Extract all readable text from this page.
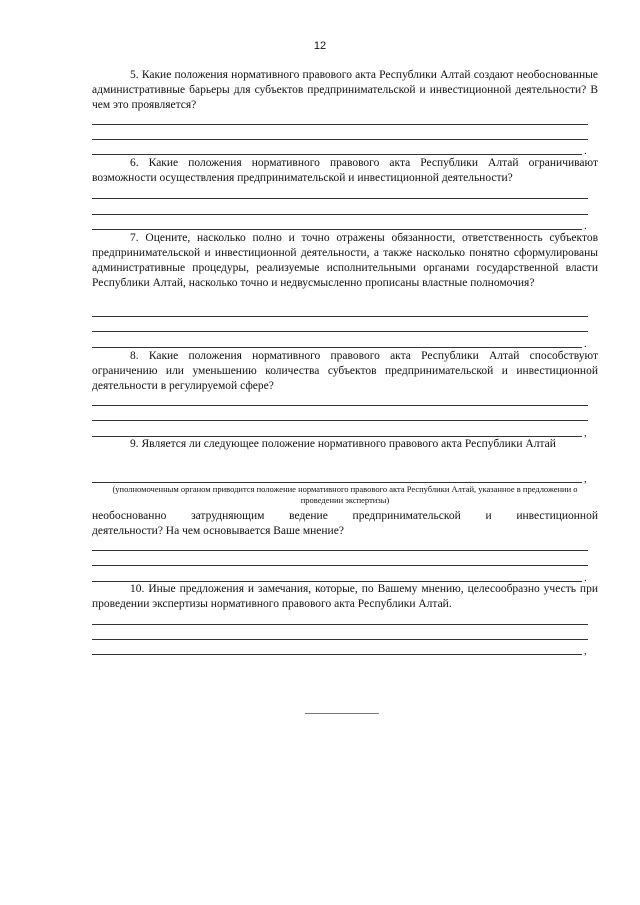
12

5. Какие положения нормативного правового акта Республики Алтай создают необоснованные административные барьеры для субъектов предпринимательской и инвестиционной деятельности? В чем это проявляется?

.

6. Какие положения нормативного правового акта Республики Алтай ограничивают возможности осуществления предпринимательской и инвестиционной деятельности?

.

7. Оцените, насколько полно и точно отражены обязанности, ответственность субъектов предпринимательской и инвестиционной деятельности, а также насколько понятно сформулированы административные процедуры, реализуемые исполнительными органами государственной власти Республики Алтай, насколько точно и недвусмысленно прописаны властные полномочия?

.

8. Какие положения нормативного правового акта Республики Алтай способствуют ограничению или уменьшению количества субъектов предпринимательской и инвестиционной деятельности в регулируемой сфере?

,

9. Является ли следующее положение нормативного правового акта Республики Алтай

,

(уполномоченным органом приводится положение нормативного правового акта Республики Алтай, указанное в предложении о проведении экспертизы)

необоснованно затрудняющим ведение предпринимательской и инвестиционной

деятельности? На чем основывается Ваше мнение?

.

10. Иные предложения и замечания, которые, по Вашему мнению, целесообразно учесть при проведении экспертизы нормативного правового акта Республики Алтай.

,
